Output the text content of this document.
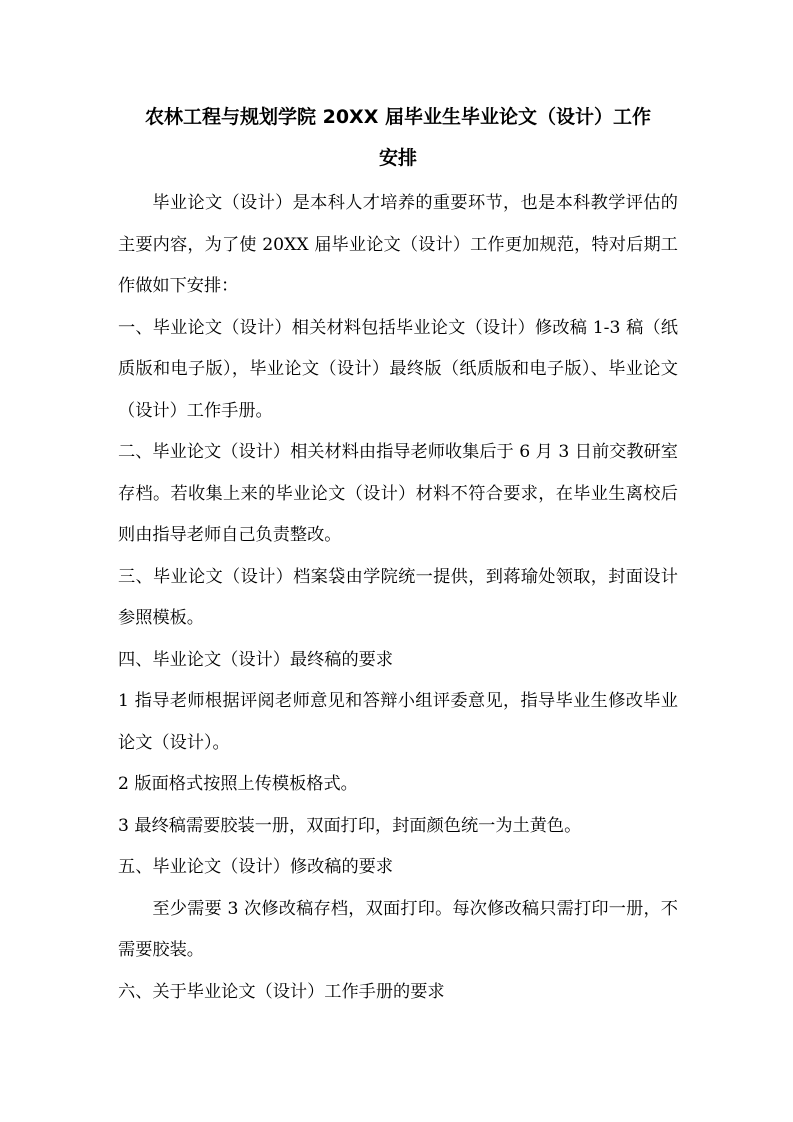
农林工程与规划学院 20XX 届毕业生毕业论文（设计）工作
安排

毕业论文（设计）是本科人才培养的重要环节，也是本科教学评估的主要内容，为了使 20XX 届毕业论文（设计）工作更加规范，特对后期工作做如下安排：

一、毕业论文（设计）相关材料包括毕业论文（设计）修改稿 1-3 稿（纸质版和电子版），毕业论文（设计）最终版（纸质版和电子版）、毕业论文（设计）工作手册。

二、毕业论文（设计）相关材料由指导老师收集后于 6 月 3 日前交教研室存档。若收集上来的毕业论文（设计）材料不符合要求，在毕业生离校后则由指导老师自己负责整改。

三、毕业论文（设计）档案袋由学院统一提供，到蒋瑜处领取，封面设计参照模板。

四、毕业论文（设计）最终稿的要求

1 指导老师根据评阅老师意见和答辩小组评委意见，指导毕业生修改毕业论文（设计）。

2 版面格式按照上传模板格式。

3 最终稿需要胶装一册，双面打印，封面颜色统一为土黄色。

五、毕业论文（设计）修改稿的要求

至少需要 3 次修改稿存档，双面打印。每次修改稿只需打印一册，不需要胶装。

六、关于毕业论文（设计）工作手册的要求
